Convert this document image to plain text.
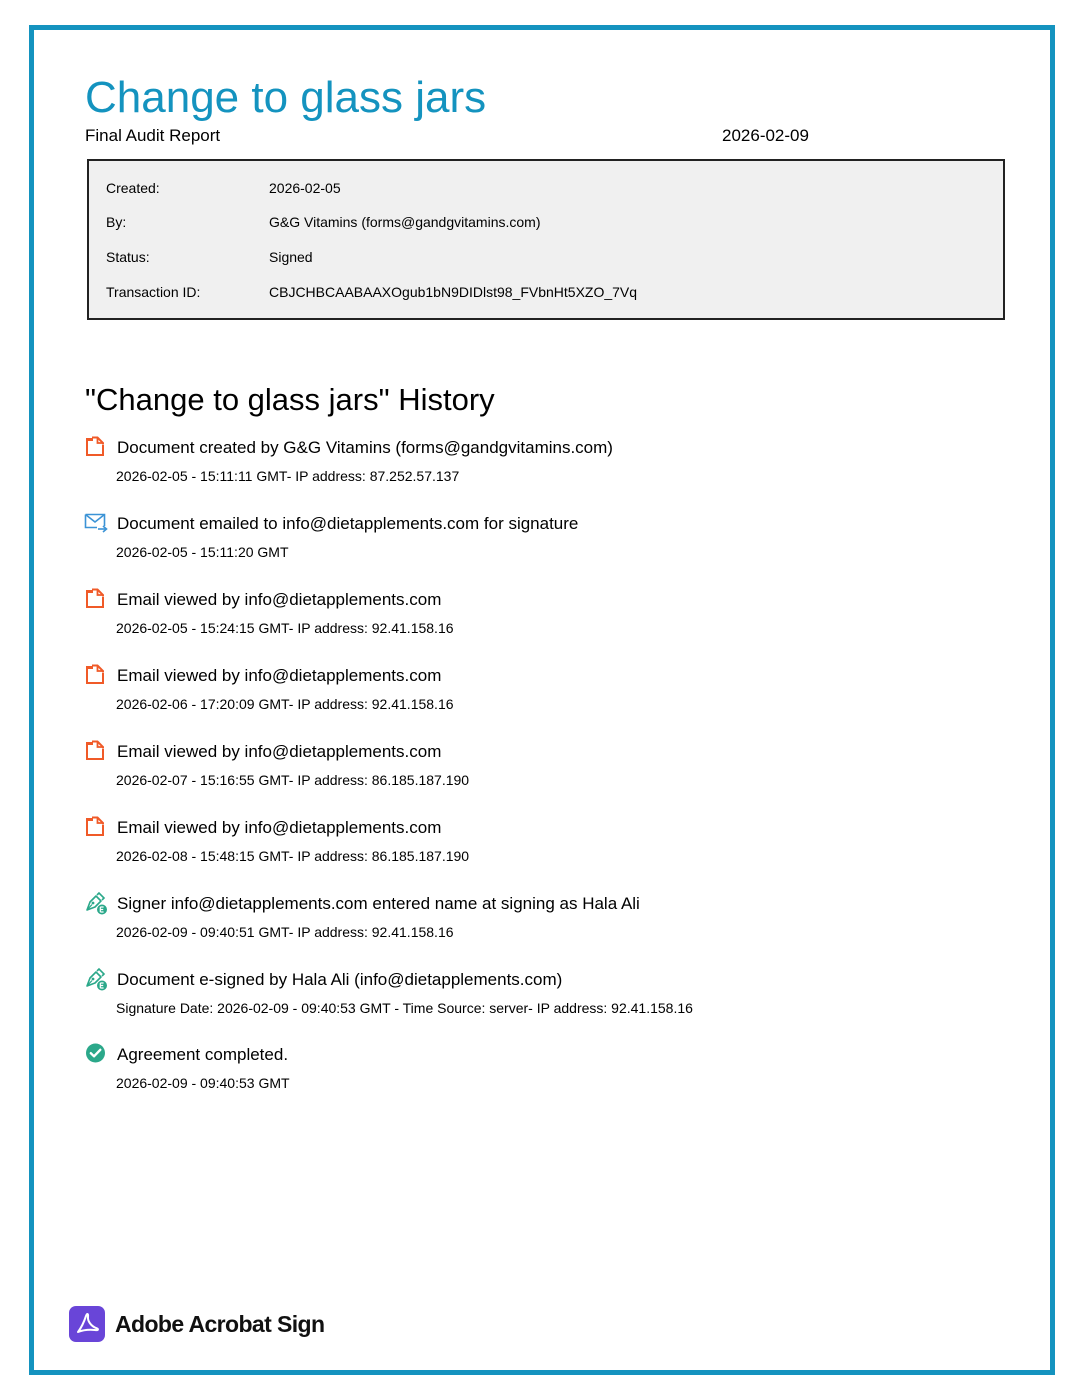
Change to glass jars
Final Audit Report	2026-02-09
Created:	2026-02-05
By:	G&G Vitamins (forms@gandgvitamins.com)
Status:	Signed
Transaction ID:	CBJCHBCAABAAXOgub1bN9DIDlst98_FVbnHt5XZO_7Vq
"Change to glass jars" History
Document created by G&G Vitamins (forms@gandgvitamins.com)
2026-02-05 - 15:11:11 GMT- IP address: 87.252.57.137
Document emailed to info@dietapplements.com for signature
2026-02-05 - 15:11:20 GMT
Email viewed by info@dietapplements.com
2026-02-05 - 15:24:15 GMT- IP address: 92.41.158.16
Email viewed by info@dietapplements.com
2026-02-06 - 17:20:09 GMT- IP address: 92.41.158.16
Email viewed by info@dietapplements.com
2026-02-07 - 15:16:55 GMT- IP address: 86.185.187.190
Email viewed by info@dietapplements.com
2026-02-08 - 15:48:15 GMT- IP address: 86.185.187.190
Signer info@dietapplements.com entered name at signing as Hala Ali
2026-02-09 - 09:40:51 GMT- IP address: 92.41.158.16
Document e-signed by Hala Ali (info@dietapplements.com)
Signature Date: 2026-02-09 - 09:40:53 GMT - Time Source: server- IP address: 92.41.158.16
Agreement completed.
2026-02-09 - 09:40:53 GMT
Adobe Acrobat Sign
